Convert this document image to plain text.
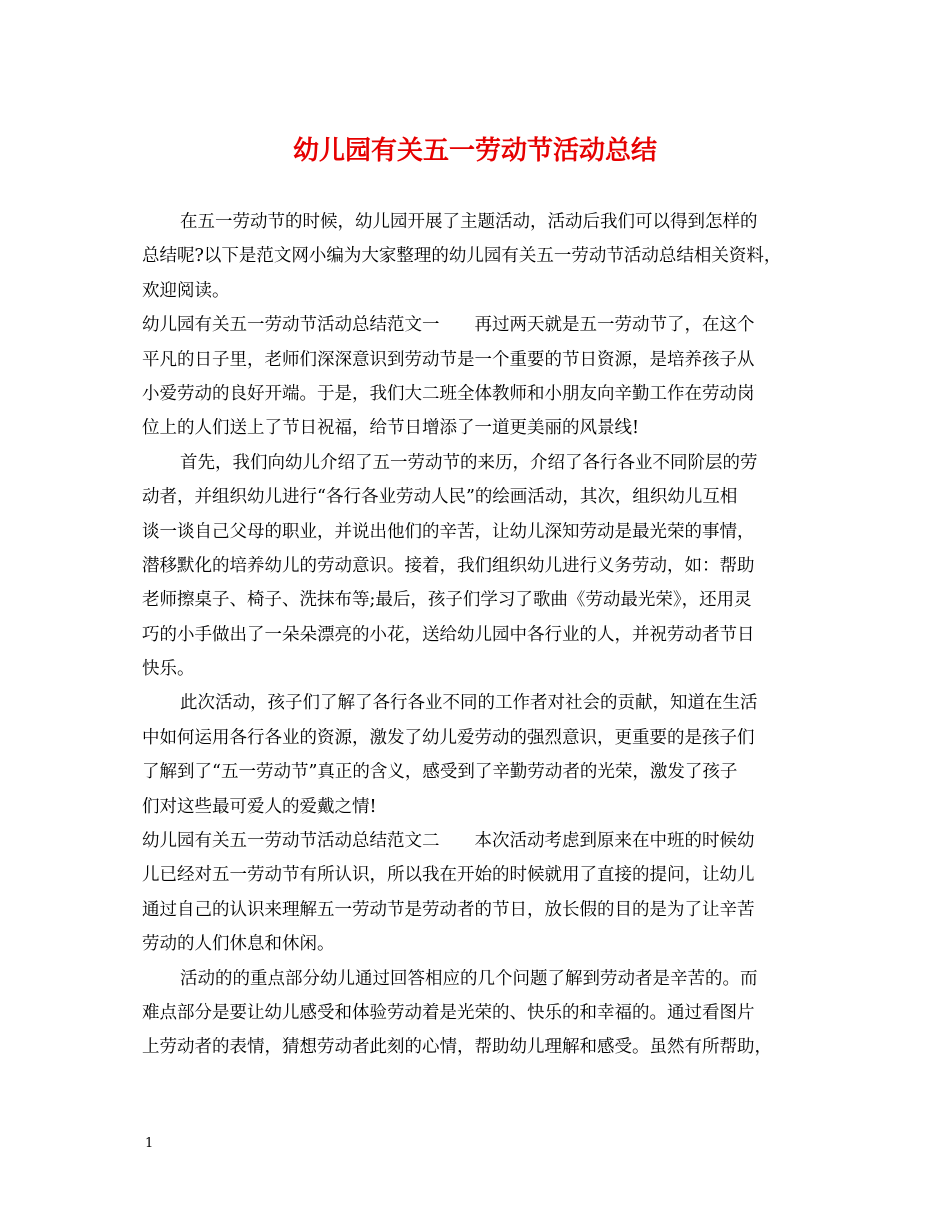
幼儿园有关五一劳动节活动总结
在五一劳动节的时候，幼儿园开展了主题活动，活动后我们可以得到怎样的
总结呢?以下是范文网小编为大家整理的幼儿园有关五一劳动节活动总结相关资料，
欢迎阅读。
幼儿园有关五一劳动节活动总结范文一　　再过两天就是五一劳动节了，在这个
平凡的日子里，老师们深深意识到劳动节是一个重要的节日资源，是培养孩子从
小爱劳动的良好开端。于是，我们大二班全体教师和小朋友向辛勤工作在劳动岗
位上的人们送上了节日祝福，给节日增添了一道更美丽的风景线!
首先，我们向幼儿介绍了五一劳动节的来历，介绍了各行各业不同阶层的劳
动者，并组织幼儿进行“各行各业劳动人民”的绘画活动，其次，组织幼儿互相
谈一谈自己父母的职业，并说出他们的辛苦，让幼儿深知劳动是最光荣的事情，
潜移默化的培养幼儿的劳动意识。接着，我们组织幼儿进行义务劳动，如：帮助
老师擦桌子、椅子、洗抹布等;最后，孩子们学习了歌曲《劳动最光荣》，还用灵
巧的小手做出了一朵朵漂亮的小花，送给幼儿园中各行业的人，并祝劳动者节日
快乐。
此次活动，孩子们了解了各行各业不同的工作者对社会的贡献，知道在生活
中如何运用各行各业的资源，激发了幼儿爱劳动的强烈意识，更重要的是孩子们
了解到了“五一劳动节”真正的含义，感受到了辛勤劳动者的光荣，激发了孩子
们对这些最可爱人的爱戴之情!
幼儿园有关五一劳动节活动总结范文二　　本次活动考虑到原来在中班的时候幼
儿已经对五一劳动节有所认识，所以我在开始的时候就用了直接的提问，让幼儿
通过自己的认识来理解五一劳动节是劳动者的节日，放长假的目的是为了让辛苦
劳动的人们休息和休闲。
活动的的重点部分幼儿通过回答相应的几个问题了解到劳动者是辛苦的。而
难点部分是要让幼儿感受和体验劳动着是光荣的、快乐的和幸福的。通过看图片
上劳动者的表情，猜想劳动者此刻的心情，帮助幼儿理解和感受。虽然有所帮助，
1
